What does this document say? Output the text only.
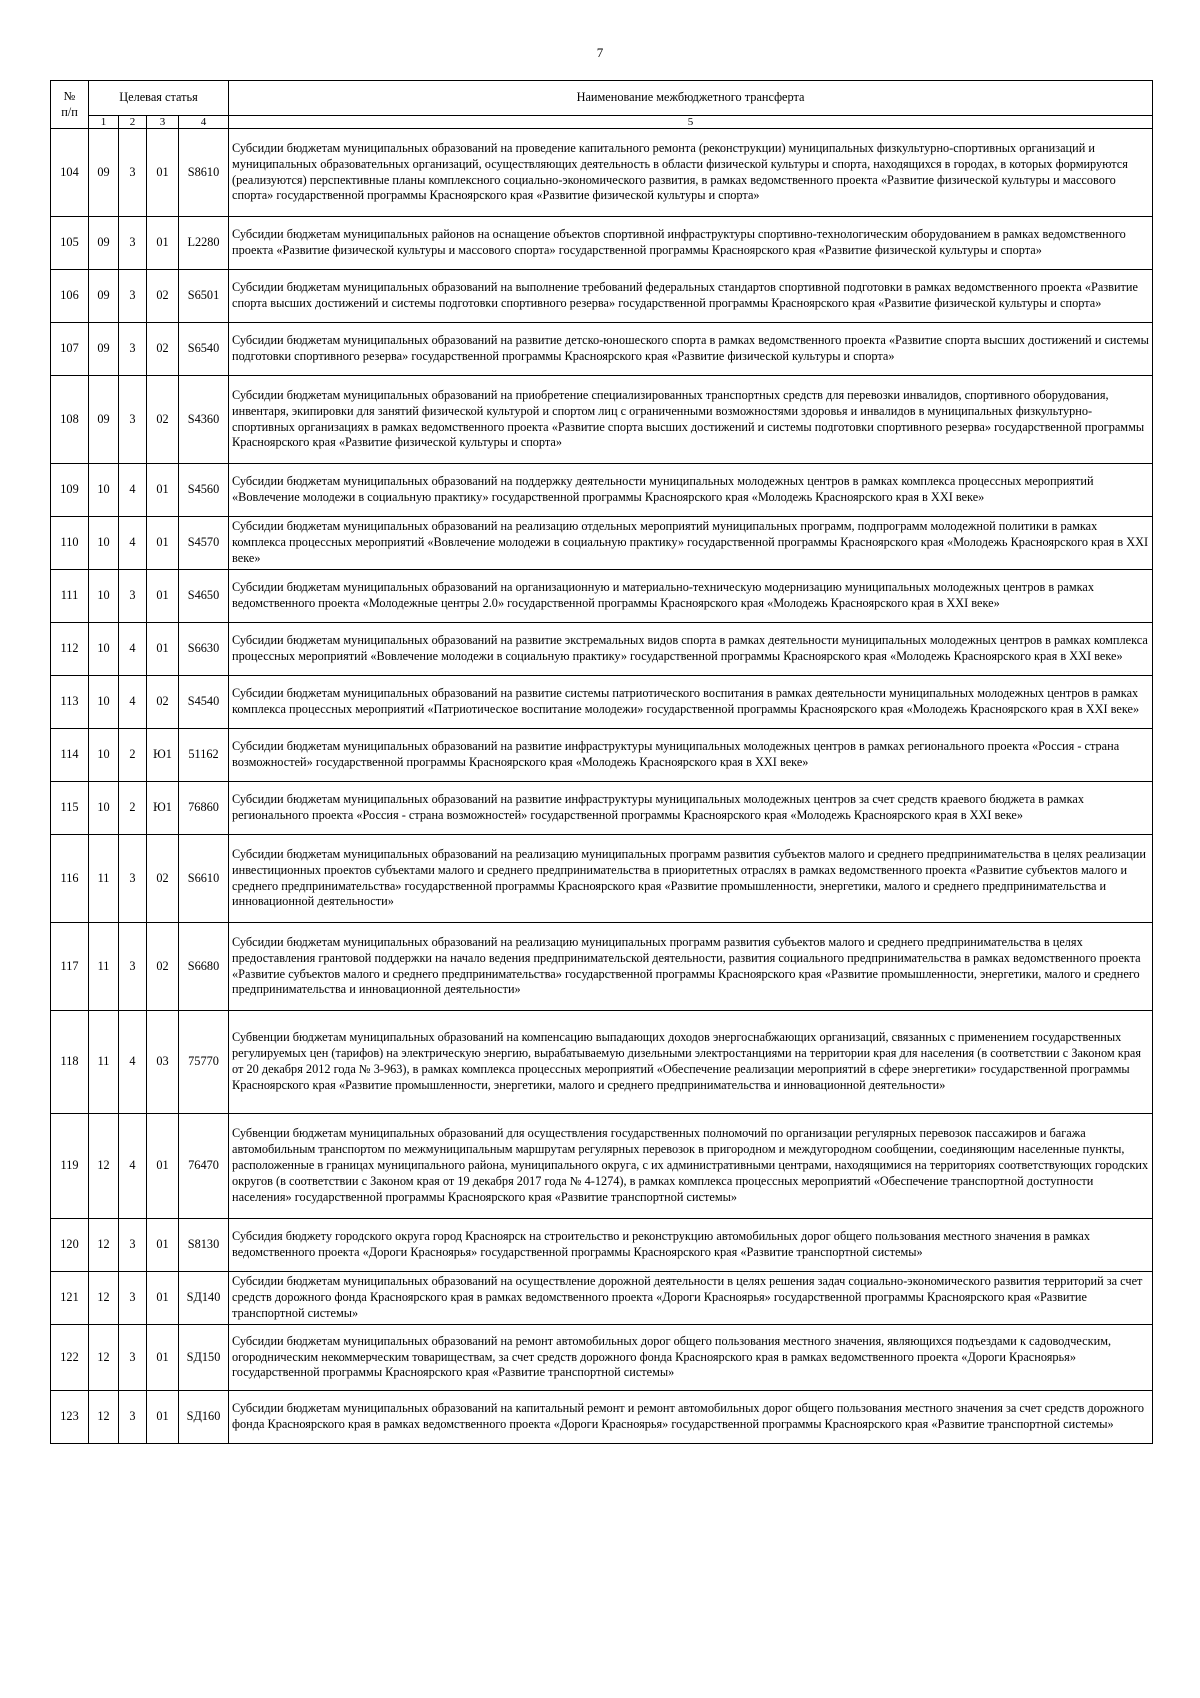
7
№
п/п	Целевая статья				Наименование межбюджетного трансферта
	1	2	3	4	5
104	09	3	01	S8610	Субсидии бюджетам муниципальных образований на проведение капитального ремонта (реконструкции) муниципальных физкультурно-спортивных организаций и муниципальных образовательных организаций, осуществляющих деятельность в области физической культуры и спорта, находящихся в городах, в которых формируются (реализуются) перспективные планы комплексного социально-экономического развития, в рамках ведомственного проекта «Развитие физической культуры и массового спорта» государственной программы Красноярского края «Развитие физической культуры и спорта»
105	09	3	01	L2280	Субсидии бюджетам муниципальных районов на оснащение объектов спортивной инфраструктуры спортивно-технологическим оборудованием в рамках ведомственного проекта «Развитие физической культуры и массового спорта» государственной программы Красноярского края «Развитие физической культуры и спорта»
106	09	3	02	S6501	Субсидии бюджетам муниципальных образований на выполнение требований федеральных стандартов спортивной подготовки в рамках ведомственного проекта «Развитие спорта высших достижений и системы подготовки спортивного резерва» государственной программы Красноярского края «Развитие физической культуры и спорта»
107	09	3	02	S6540	Субсидии бюджетам муниципальных образований на развитие детско-юношеского спорта в рамках ведомственного проекта «Развитие спорта высших достижений и системы подготовки спортивного резерва» государственной программы Красноярского края «Развитие физической культуры и спорта»
108	09	3	02	S4360	Субсидии бюджетам муниципальных образований на приобретение специализированных транспортных средств для перевозки инвалидов, спортивного оборудования, инвентаря, экипировки для занятий физической культурой и спортом лиц с ограниченными возможностями здоровья и инвалидов в муниципальных физкультурно-спортивных организациях в рамках ведомственного проекта «Развитие спорта высших достижений и системы подготовки спортивного резерва» государственной программы Красноярского края «Развитие физической культуры и спорта»
109	10	4	01	S4560	Субсидии бюджетам муниципальных образований на поддержку деятельности муниципальных молодежных центров в рамках комплекса процессных мероприятий «Вовлечение молодежи в социальную практику» государственной программы Красноярского края «Молодежь Красноярского края в XXI веке»
110	10	4	01	S4570	Субсидии бюджетам муниципальных образований на реализацию отдельных мероприятий муниципальных программ, подпрограмм молодежной политики в рамках комплекса процессных мероприятий «Вовлечение молодежи в социальную практику» государственной программы Красноярского края «Молодежь Красноярского края в XXI веке»
111	10	3	01	S4650	Субсидии бюджетам муниципальных образований на организационную и материально-техническую модернизацию муниципальных молодежных центров в рамках ведомственного проекта «Молодежные центры 2.0» государственной программы Красноярского края «Молодежь Красноярского края в XXI веке»
112	10	4	01	S6630	Субсидии бюджетам муниципальных образований на развитие экстремальных видов спорта в рамках деятельности муниципальных молодежных центров в рамках комплекса процессных мероприятий «Вовлечение молодежи в социальную практику» государственной программы Красноярского края «Молодежь Красноярского края в XXI веке»
113	10	4	02	S4540	Субсидии бюджетам муниципальных образований на развитие системы патриотического воспитания в рамках деятельности муниципальных молодежных центров в рамках комплекса процессных мероприятий «Патриотическое воспитание молодежи» государственной программы Красноярского края «Молодежь Красноярского края в XXI веке»
114	10	2	Ю1	51162	Субсидии бюджетам муниципальных образований на развитие инфраструктуры муниципальных молодежных центров в рамках регионального проекта «Россия - страна возможностей» государственной программы Красноярского края «Молодежь Красноярского края в XXI веке»
115	10	2	Ю1	76860	Субсидии бюджетам муниципальных образований на развитие инфраструктуры муниципальных молодежных центров за счет средств краевого бюджета в рамках регионального проекта «Россия - страна возможностей» государственной программы Красноярского края «Молодежь Красноярского края в XXI веке»
116	11	3	02	S6610	Субсидии бюджетам муниципальных образований на реализацию муниципальных программ развития субъектов малого и среднего предпринимательства в целях реализации инвестиционных проектов субъектами малого и среднего предпринимательства в приоритетных отраслях в рамках ведомственного проекта «Развитие субъектов малого и среднего предпринимательства» государственной программы Красноярского края «Развитие промышленности, энергетики, малого и среднего предпринимательства и инновационной деятельности»
117	11	3	02	S6680	Субсидии бюджетам муниципальных образований на реализацию муниципальных программ развития субъектов малого и среднего предпринимательства в целях предоставления грантовой поддержки на начало ведения предпринимательской деятельности, развития социального предпринимательства в рамках ведомственного проекта «Развитие субъектов малого и среднего предпринимательства» государственной программы Красноярского края «Развитие промышленности, энергетики, малого и среднего предпринимательства и инновационной деятельности»
118	11	4	03	75770	Субвенции бюджетам муниципальных образований на компенсацию выпадающих доходов энергоснабжающих организаций, связанных с применением государственных регулируемых цен (тарифов) на электрическую энергию, вырабатываемую дизельными электростанциями на территории края для населения (в соответствии с Законом края от 20 декабря 2012 года № 3-963), в рамках комплекса процессных мероприятий «Обеспечение реализации мероприятий в сфере энергетики» государственной программы Красноярского края «Развитие промышленности, энергетики, малого и среднего предпринимательства и инновационной деятельности»
119	12	4	01	76470	Субвенции бюджетам муниципальных образований для осуществления государственных полномочий по организации регулярных перевозок пассажиров и багажа автомобильным транспортом по межмуниципальным маршрутам регулярных перевозок в пригородном и междугородном сообщении, соединяющим населенные пункты, расположенные в границах муниципального района, муниципального округа, с их административными центрами, находящимися на территориях соответствующих городских округов (в соответствии с Законом края от 19 декабря 2017 года № 4-1274), в рамках комплекса процессных мероприятий «Обеспечение транспортной доступности населения» государственной программы Красноярского края «Развитие транспортной системы»
120	12	3	01	S8130	Субсидия бюджету городского округа город Красноярск на строительство и реконструкцию автомобильных дорог общего пользования местного значения в рамках ведомственного проекта «Дороги Красноярья» государственной программы Красноярского края «Развитие транспортной системы»
121	12	3	01	SД140	Субсидии бюджетам муниципальных образований на осуществление дорожной деятельности в целях решения задач социально-экономического развития территорий за счет средств дорожного фонда Красноярского края в рамках ведомственного проекта «Дороги Красноярья» государственной программы Красноярского края «Развитие транспортной системы»
122	12	3	01	SД150	Субсидии бюджетам муниципальных образований на ремонт автомобильных дорог общего пользования местного значения, являющихся подъездами к садоводческим, огородническим некоммерческим товариществам, за счет средств дорожного фонда Красноярского края в рамках ведомственного проекта «Дороги Красноярья» государственной программы Красноярского края «Развитие транспортной системы»
123	12	3	01	SД160	Субсидии бюджетам муниципальных образований на капитальный ремонт и ремонт автомобильных дорог общего пользования местного значения за счет средств дорожного фонда Красноярского края в рамках ведомственного проекта «Дороги Красноярья» государственной программы Красноярского края «Развитие транспортной системы»
